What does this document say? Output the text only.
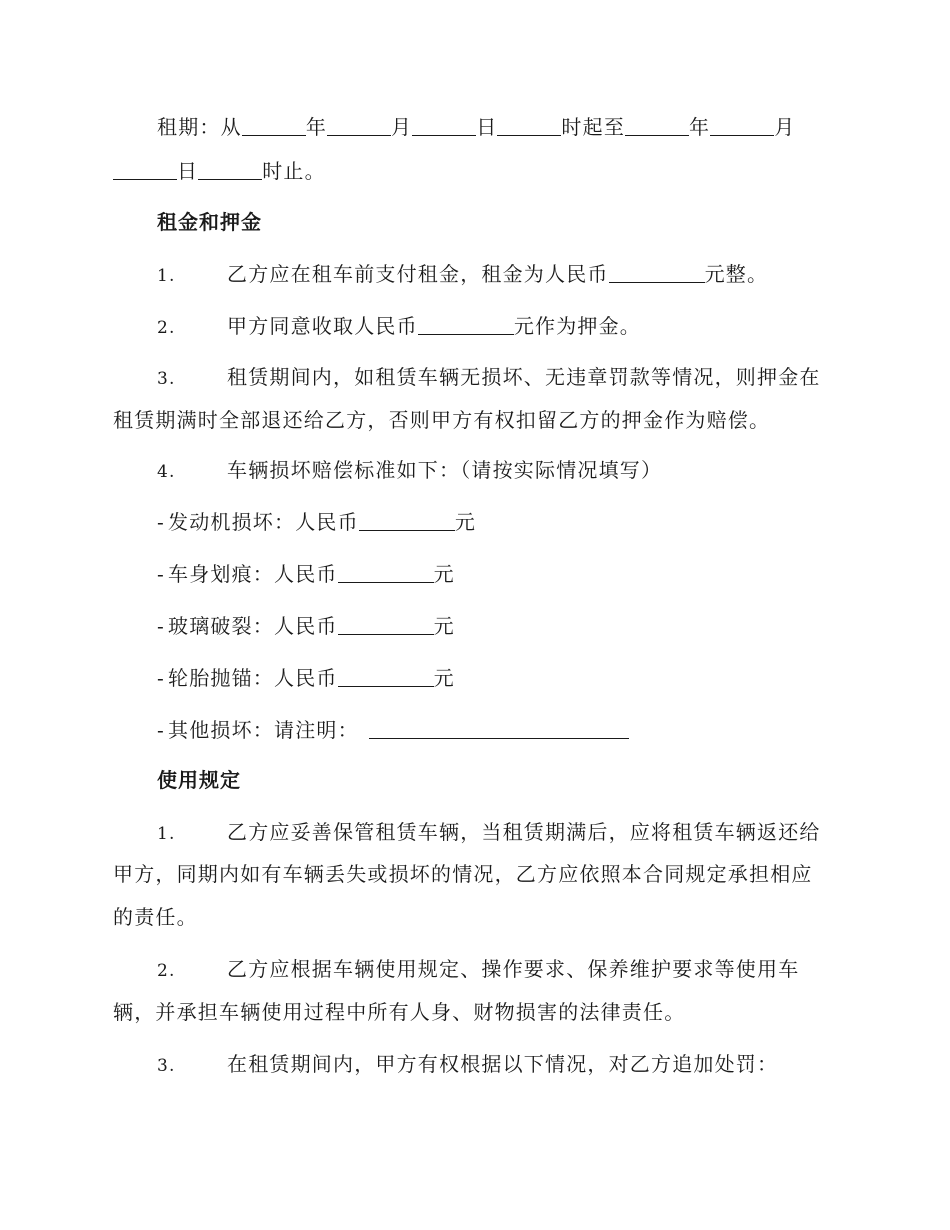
租期：从	年	月	日	时起至	年	月
日	时止。
租金和押金
1.	乙方应在租车前支付租金，租金为人民币	元整。
2.	甲方同意收取人民币	元作为押金。
3.	租赁期间内，如租赁车辆无损坏、无违章罚款等情况，则押金在
租赁期满时全部退还给乙方，否则甲方有权扣留乙方的押金作为赔偿。
4.	车辆损坏赔偿标准如下：（请按实际情况填写）
- 发动机损坏：人民币	元
- 车身划痕：人民币	元
- 玻璃破裂：人民币	元
- 轮胎抛锚：人民币	元
- 其他损坏：请注明：
使用规定
1.	乙方应妥善保管租赁车辆，当租赁期满后，应将租赁车辆返还给
甲方，同期内如有车辆丢失或损坏的情况，乙方应依照本合同规定承担相应
的责任。
2.	乙方应根据车辆使用规定、操作要求、保养维护要求等使用车
辆，并承担车辆使用过程中所有人身、财物损害的法律责任。
3.	在租赁期间内，甲方有权根据以下情况，对乙方追加处罚：
